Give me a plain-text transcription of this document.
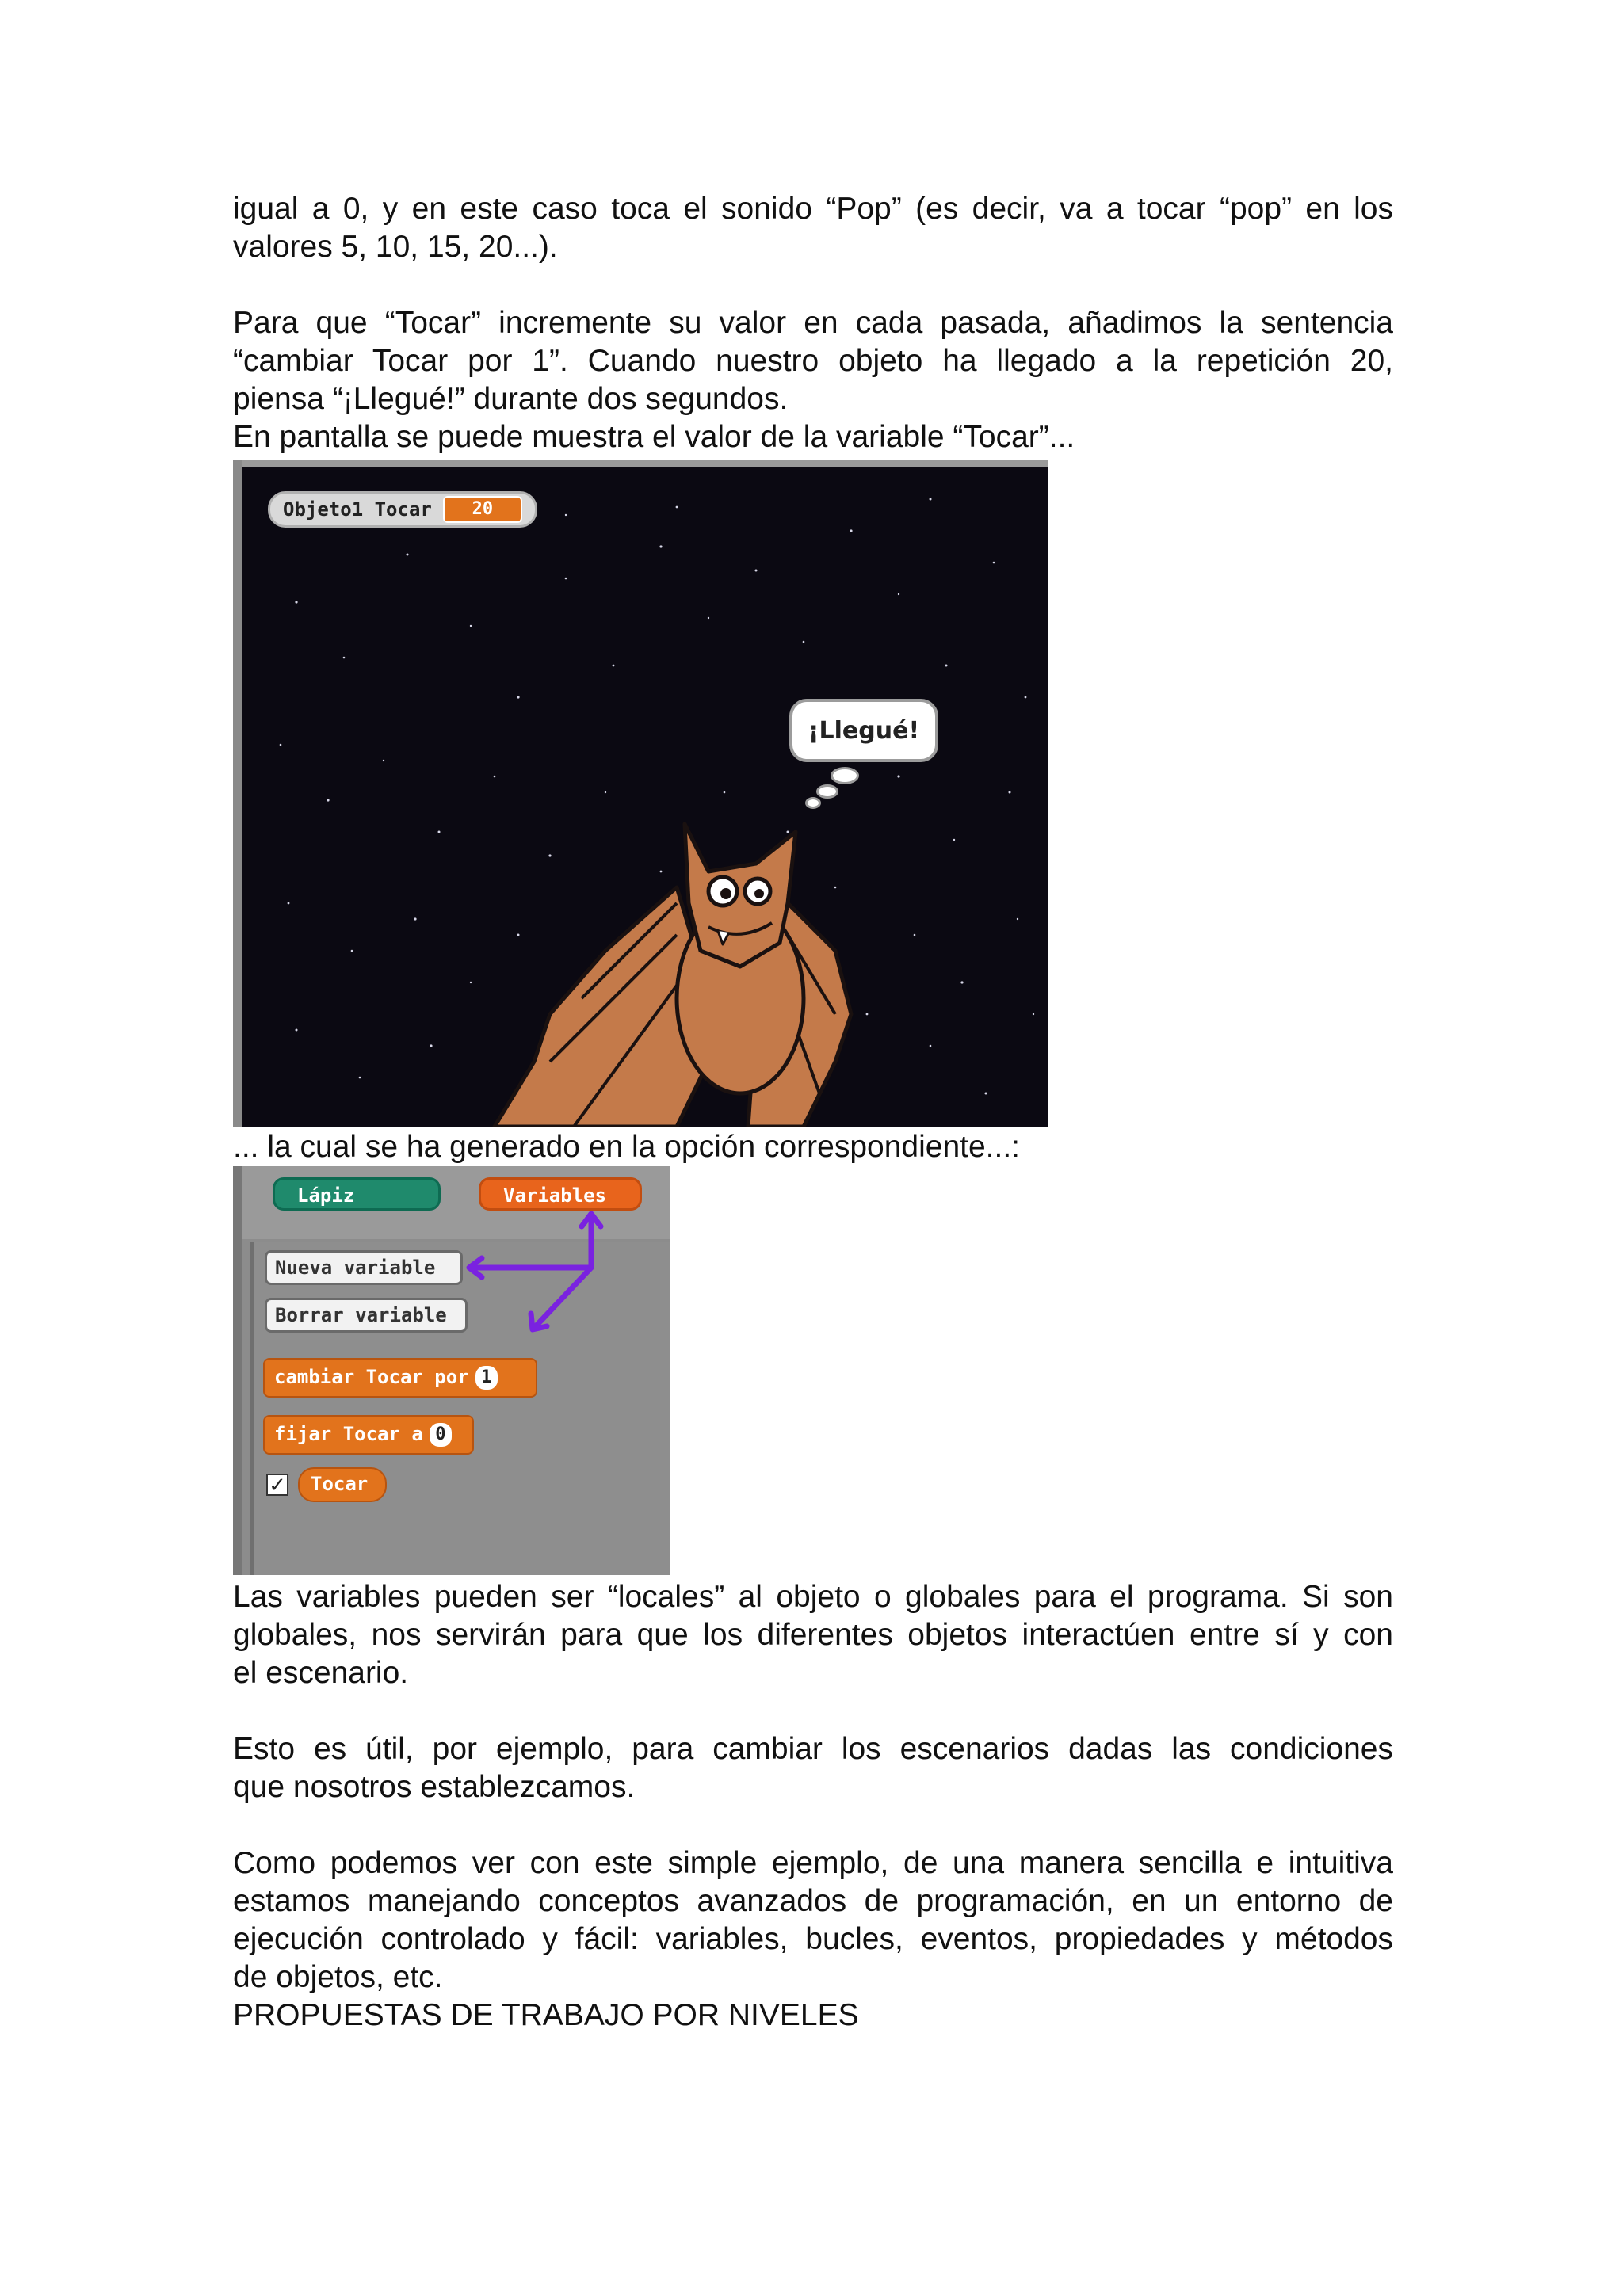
igual a 0, y en este caso toca el sonido “Pop” (es decir, va a tocar “pop” en los
valores 5, 10, 15, 20...).

Para que “Tocar” incremente su valor en cada pasada, añadimos la sentencia
“cambiar Tocar por 1”. Cuando nuestro objeto ha llegado a la repetición 20,
piensa “¡Llegué!” durante dos segundos.

En pantalla se puede muestra el valor de la variable “Tocar”...

Objeto1 Tocar	20
¡Llegué!

... la cual se ha generado en la opción correspondiente...:

Lápiz	Variables
Nueva variable
Borrar variable
cambiar Tocar por 1
fijar Tocar a 0
✓	Tocar

Las variables pueden ser “locales” al objeto o globales para el programa. Si son
globales, nos servirán para que los diferentes objetos interactúen entre sí y con
el escenario.

Esto es útil, por ejemplo, para cambiar los escenarios dadas las condiciones
que nosotros establezcamos.

Como podemos ver con este simple ejemplo, de una manera sencilla e intuitiva
estamos manejando conceptos avanzados de programación, en un entorno de
ejecución controlado y fácil: variables, bucles, eventos, propiedades y métodos
de objetos, etc.

PROPUESTAS DE TRABAJO POR NIVELES
